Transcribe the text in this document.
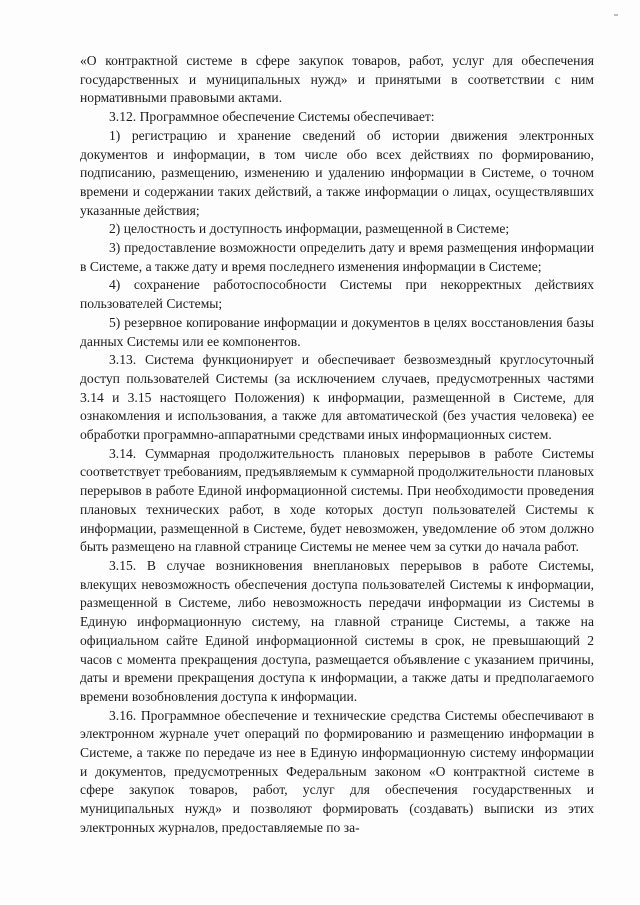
«О контрактной системе в сфере закупок товаров, работ, услуг для обеспечения государственных и муниципальных нужд» и принятыми в соответствии с ним нормативными правовыми актами.

3.12. Программное обеспечение Системы обеспечивает:

1) регистрацию и хранение сведений об истории движения электронных документов и информации, в том числе обо всех действиях по формированию, подписанию, размещению, изменению и удалению информации в Системе, о точном времени и содержании таких действий, а также информации о лицах, осуществлявших указанные действия;

2) целостность и доступность информации, размещенной в Системе;

3) предоставление возможности определить дату и время размещения информации в Системе, а также дату и время последнего изменения информации в Системе;

4) сохранение работоспособности Системы при некорректных действиях пользователей Системы;

5) резервное копирование информации и документов в целях восстановления базы данных Системы или ее компонентов.

3.13. Система функционирует и обеспечивает безвозмездный круглосуточный доступ пользователей Системы (за исключением случаев, предусмотренных частями 3.14 и 3.15 настоящего Положения) к информации, размещенной в Системе, для ознакомления и использования, а также для автоматической (без участия человека) ее обработки программно-аппаратными средствами иных информационных систем.

3.14. Суммарная продолжительность плановых перерывов в работе Системы соответствует требованиям, предъявляемым к суммарной продолжительности плановых перерывов в работе Единой информационной системы. При необходимости проведения плановых технических работ, в ходе которых доступ пользователей Системы к информации, размещенной в Системе, будет невозможен, уведомление об этом должно быть размещено на главной странице Системы не менее чем за сутки до начала работ.

3.15. В случае возникновения внеплановых перерывов в работе Системы, влекущих невозможность обеспечения доступа пользователей Системы к информации, размещенной в Системе, либо невозможность передачи информации из Системы в Единую информационную систему, на главной странице Системы, а также на официальном сайте Единой информационной системы в срок, не превышающий 2 часов с момента прекращения доступа, размещается объявление с указанием причины, даты и времени прекращения доступа к информации, а также даты и предполагаемого времени возобновления доступа к информации.

3.16. Программное обеспечение и технические средства Системы обеспечивают в электронном журнале учет операций по формированию и размещению информации в Системе, а также по передаче из нее в Единую информационную систему информации и документов, предусмотренных Федеральным законом «О контрактной системе в сфере закупок товаров, работ, услуг для обеспечения государственных и муниципальных нужд» и позволяют формировать (создавать) выписки из этих электронных журналов, предоставляемые по за-
